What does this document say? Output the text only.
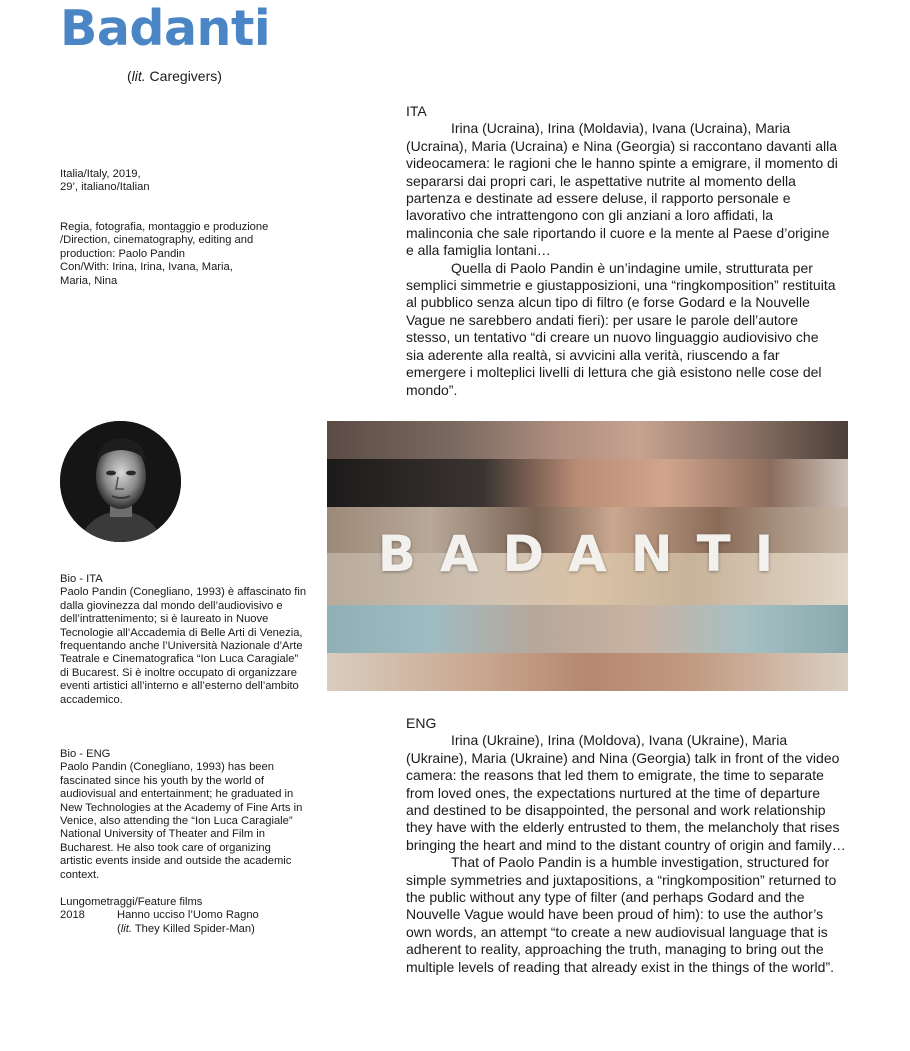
Badanti
(lit. Caregivers)

Italia/Italy, 2019,

29’, italiano/Italian

Regia, fotografia, montaggio e produzione

/Direction, cinematography, editing and production: Paolo Pandin

Con/With: Irina, Irina, Ivana, Maria, Maria, Nina

ITA

Irina (Ucraina), Irina (Moldavia), Ivana (Ucraina), Maria (Ucraina), Maria (Ucraina) e Nina (Georgia) si raccontano davanti alla videocamera: le ragioni che le hanno spinte a emigrare, il momento di separarsi dai propri cari, le aspettative nutrite al momento della partenza e destinate ad essere deluse, il rapporto personale e lavorativo che intrattengono con gli anziani a loro affidati, la malinconia che sale riportando il cuore e la mente al Paese d’origine e alla famiglia lontani…

Quella di Paolo Pandin è un’indagine umile, strutturata per semplici simmetrie e giustapposizioni, una “ringkomposition” restituita al pubblico senza alcun tipo di filtro (e forse Godard e la Nouvelle Vague ne sarebbero andati fieri): per usare le parole dell’autore stesso, un tentativo “di creare un nuovo linguaggio audiovisivo che sia aderente alla realtà, si avvicini alla verità, riuscendo a far emergere i molteplici livelli di lettura che già esistono nelle cose del mondo”.

BADANTI

Bio - ITA

Paolo Pandin (Conegliano, 1993) è affascinato fin dalla giovinezza dal mondo dell’audiovisivo e dell’intrattenimento; si è laureato in Nuove Tecnologie all’Accademia di Belle Arti di Venezia, frequentando anche l’Università Nazionale d’Arte Teatrale e Cinematografica “Ion Luca Caragiale” di Bucarest. Si è inoltre occupato di organizzare eventi artistici all’interno e all’esterno dell’ambito accademico.

Bio - ENG

Paolo Pandin (Conegliano, 1993) has been fascinated since his youth by the world of audiovisual and entertainment; he graduated in New Technologies at the Academy of Fine Arts in Venice, also attending the “Ion Luca Caragiale” National University of Theater and Film in Bucharest. He also took care of organizing artistic events inside and outside the academic context.

Lungometraggi/Feature films

2018	Hanno ucciso l’Uomo Ragno
(lit. They Killed Spider-Man)

ENG

Irina (Ukraine), Irina (Moldova), Ivana (Ukraine), Maria (Ukraine), Maria (Ukraine) and Nina (Georgia) talk in front of the video camera: the reasons that led them to emigrate, the time to separate from loved ones, the expectations nurtured at the time of departure and destined to be disappointed, the personal and work relationship they have with the elderly entrusted to them, the melancholy that rises bringing the heart and mind to the distant country of origin and family…

That of Paolo Pandin is a humble investigation, structured for simple symmetries and juxtapositions, a “ringkomposition” returned to the public without any type of filter (and perhaps Godard and the Nouvelle Vague would have been proud of him): to use the author’s own words, an attempt “to create a new audiovisual language that is adherent to reality, approaching the truth, managing to bring out the multiple levels of reading that already exist in the things of the world”.
